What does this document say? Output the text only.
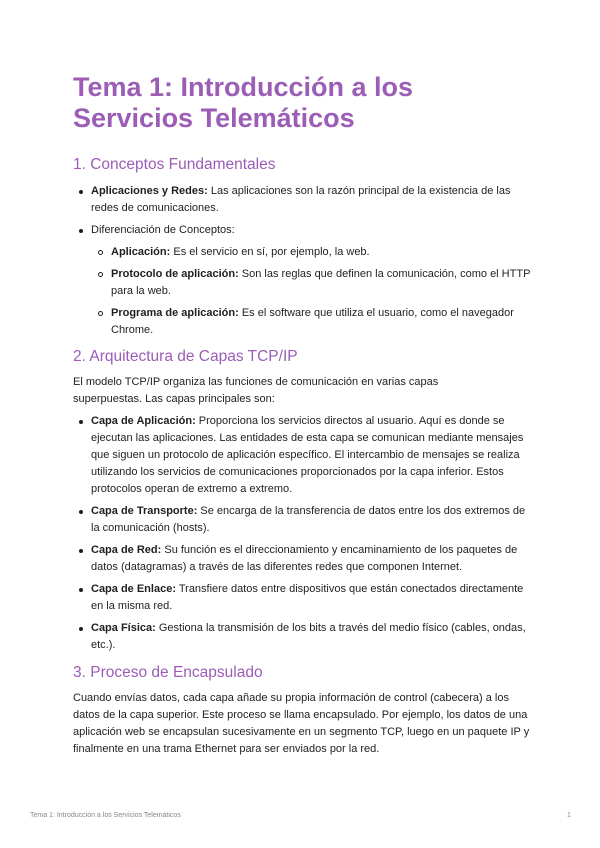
Tema 1: Introducción a los Servicios Telemáticos
1. Conceptos Fundamentales
Aplicaciones y Redes: Las aplicaciones son la razón principal de la existencia de las redes de comunicaciones.
Diferenciación de Conceptos:
Aplicación: Es el servicio en sí, por ejemplo, la web.
Protocolo de aplicación: Son las reglas que definen la comunicación, como el HTTP para la web.
Programa de aplicación: Es el software que utiliza el usuario, como el navegador Chrome.
2. Arquitectura de Capas TCP/IP

El modelo TCP/IP organiza las funciones de comunicación en varias capas superpuestas. Las capas principales son:

Capa de Aplicación: Proporciona los servicios directos al usuario. Aquí es donde se ejecutan las aplicaciones. Las entidades de esta capa se comunican mediante mensajes que siguen un protocolo de aplicación específico. El intercambio de mensajes se realiza utilizando los servicios de comunicaciones proporcionados por la capa inferior. Estos protocolos operan de extremo a extremo.
Capa de Transporte: Se encarga de la transferencia de datos entre los dos extremos de la comunicación (hosts).
Capa de Red: Su función es el direccionamiento y encaminamiento de los paquetes de datos (datagramas) a través de las diferentes redes que componen Internet.
Capa de Enlace: Transfiere datos entre dispositivos que están conectados directamente en la misma red.
Capa Física: Gestiona la transmisión de los bits a través del medio físico (cables, ondas, etc.).
3. Proceso de Encapsulado

Cuando envías datos, cada capa añade su propia información de control (cabecera) a los datos de la capa superior. Este proceso se llama encapsulado. Por ejemplo, los datos de una aplicación web se encapsulan sucesivamente en un segmento TCP, luego en un paquete IP y finalmente en una trama Ethernet para ser enviados por la red.

Tema 1: Introducción a los Servicios Telemáticos	1
